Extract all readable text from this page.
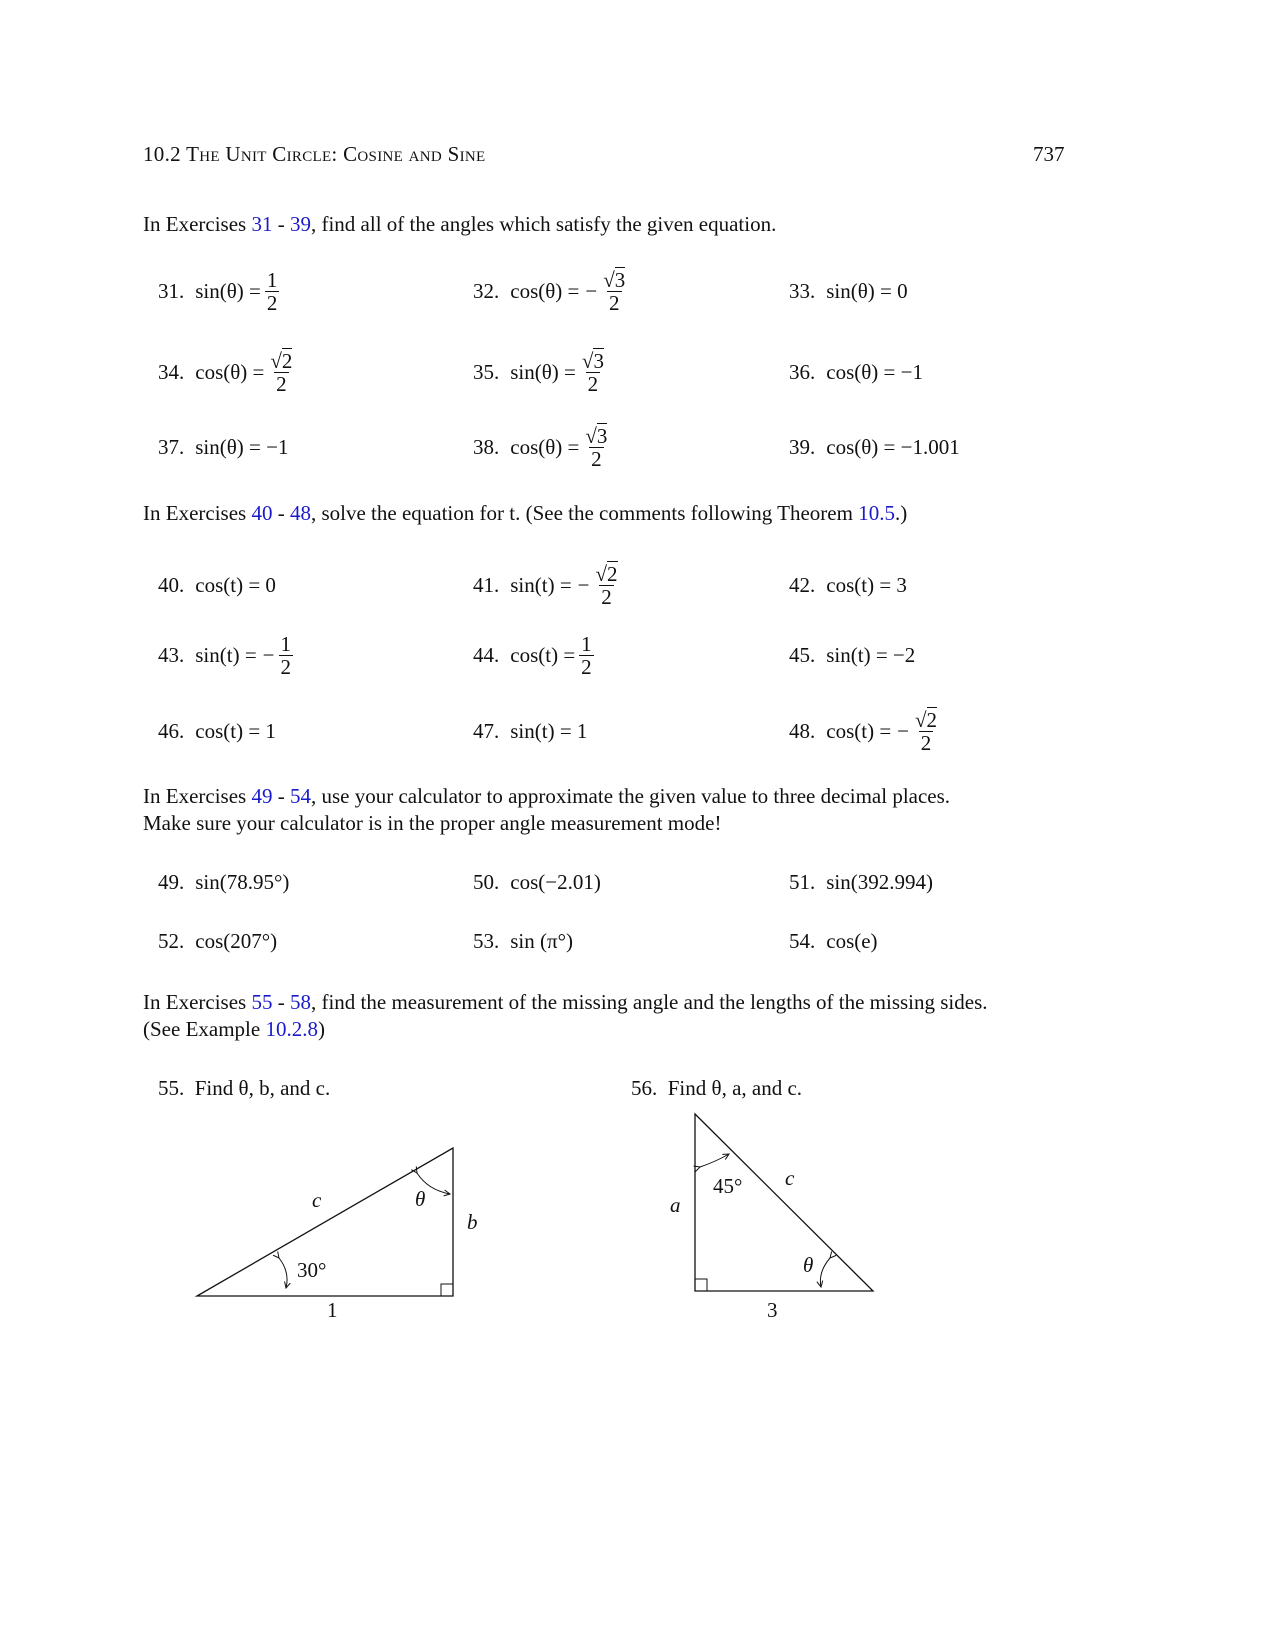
10.2 The Unit Circle: Cosine and Sine	737
In Exercises 31 - 39, find all of the angles which satisfy the given equation.
In Exercises 40 - 48, solve the equation for t. (See the comments following Theorem 10.5.)
In Exercises 49 - 54, use your calculator to approximate the given value to three decimal places.
Make sure your calculator is in the proper angle measurement mode!
In Exercises 55 - 58, find the measurement of the missing angle and the lengths of the missing sides.
(See Example 10.2.8)
31. $\sin(\theta) = \frac{1}{2}$	32. cos(θ) = − $\frac{√3}{2}$	33. sin(θ) = 0
34. $\cos(\theta) = \frac{√2}{2}$	35. $\sin(\theta) = \frac{√3}{2}$	36. cos(θ) = −1
37. sin(θ) = −1	38. $\cos(\theta) = \frac{√3}{2}$	39. cos(θ) = −1.001
40. cos(t) = 0	41. sin(t) = − $\frac{√2}{2}$	42. cos(t) = 3
43. sin(t) = − $\frac{1}{2}$	44. $\cos(t) = \frac{1}{2}$	45. sin(t) = −2
46. cos(t) = 1	47. sin(t) = 1	48. cos(t) = − $\frac{√2}{2}$
49. sin(78.95°)	50. cos(−2.01)	51. sin(392.994)
52. cos(207°)	53. sin (π°)	54. cos(e)
55. Find θ, b, and c.	56. Find θ, a, and c.
c	θ
b
30°
1
45° c
a
θ
3
